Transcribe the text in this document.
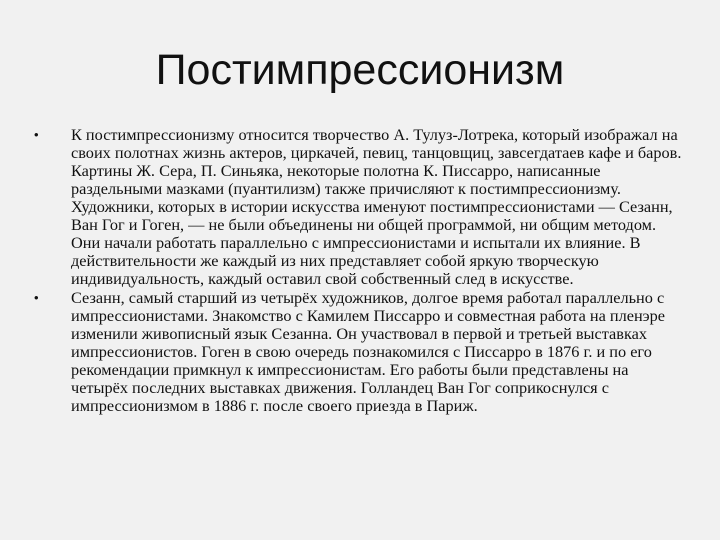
Постимпрессионизм
•	К постимпрессионизму относится творчество А. Тулуз-Лотрека, который изображал на своих полотнах жизнь актеров, циркачей, певиц, танцовщиц, завсегдатаев кафе и баров. Картины Ж. Сера, П. Синьяка, некоторые полотна К. Писсарро, написанные раздельными мазками (пуантилизм) также причисляют к постимпрессионизму. Художники, которых в истории искусства именуют постимпрессионистами — Сезанн, Ван Гог и Гоген, — не были объединены ни общей программой, ни общим методом. Они начали работать параллельно с импрессионистами и испытали их влияние. В действительности же каждый из них представляет собой яркую творческую индивидуальность, каждый оставил свой собственный след в искусстве.
•	Сезанн, самый старший из четырёх художников, долгое время работал параллельно с импрессионистами. Знакомство с Камилем Писсарро и совместная работа на пленэре изменили живописный язык Сезанна. Он участвовал в первой и третьей выставках импрессионистов. Гоген в свою очередь познакомился с Писсарро в 1876 г. и по его рекомендации примкнул к импрессионистам. Его работы были представлены на четырёх последних выставках движения. Голландец Ван Гог соприкоснулся с импрессионизмом в 1886 г. после своего приезда в Париж.
